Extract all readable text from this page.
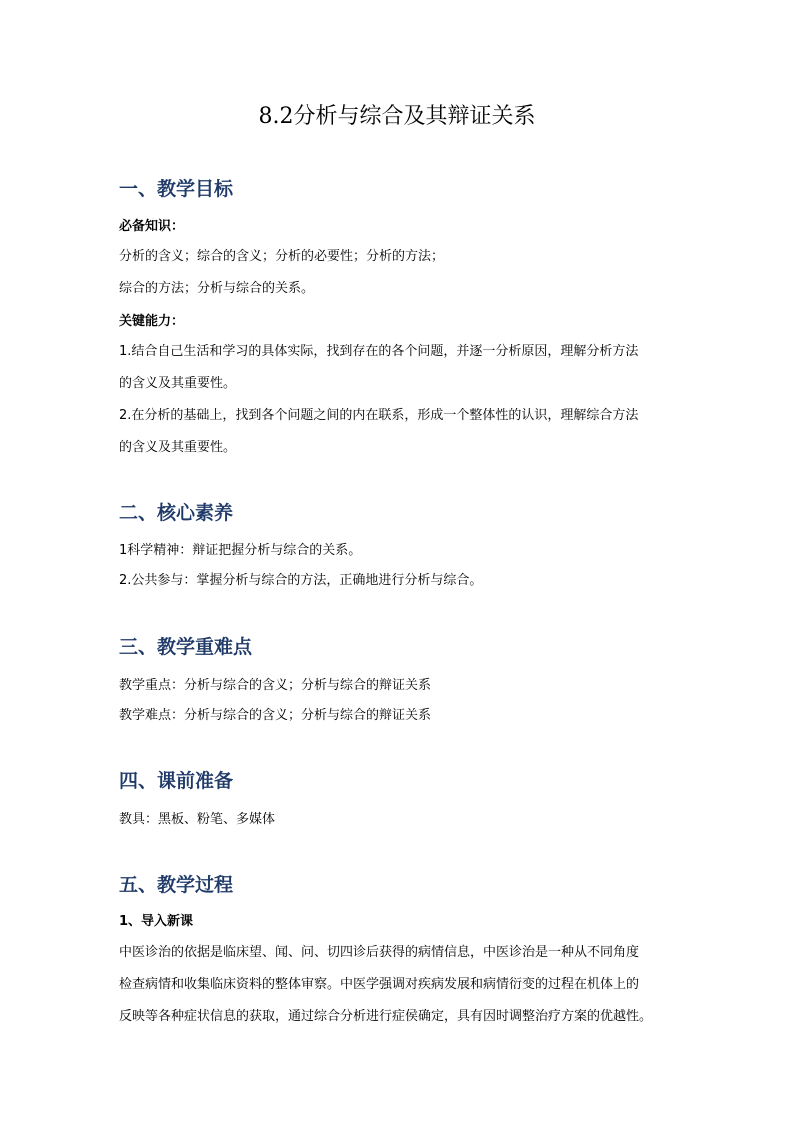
8.2分析与综合及其辩证关系
一、教学目标
必备知识：
分析的含义；综合的含义；分析的必要性；分析的方法；
综合的方法；分析与综合的关系。
关键能力：
1.结合自己生活和学习的具体实际，找到存在的各个问题，并逐一分析原因，理解分析方法
的含义及其重要性。
2.在分析的基础上，找到各个问题之间的内在联系，形成一个整体性的认识，理解综合方法
的含义及其重要性。
二、核心素养
1科学精神：辩证把握分析与综合的关系。
2.公共参与：掌握分析与综合的方法，正确地进行分析与综合。
三、教学重难点
教学重点：分析与综合的含义；分析与综合的辩证关系
教学难点：分析与综合的含义；分析与综合的辩证关系
四、课前准备
教具：黑板、粉笔、多媒体
五、教学过程
1、导入新课
中医诊治的依据是临床望、闻、问、切四诊后获得的病情信息，中医诊治是一种从不同角度
检查病情和收集临床资料的整体审察。中医学强调对疾病发展和病情衍变的过程在机体上的
反映等各种症状信息的获取，通过综合分析进行症侯确定，具有因时调整治疗方案的优越性。
